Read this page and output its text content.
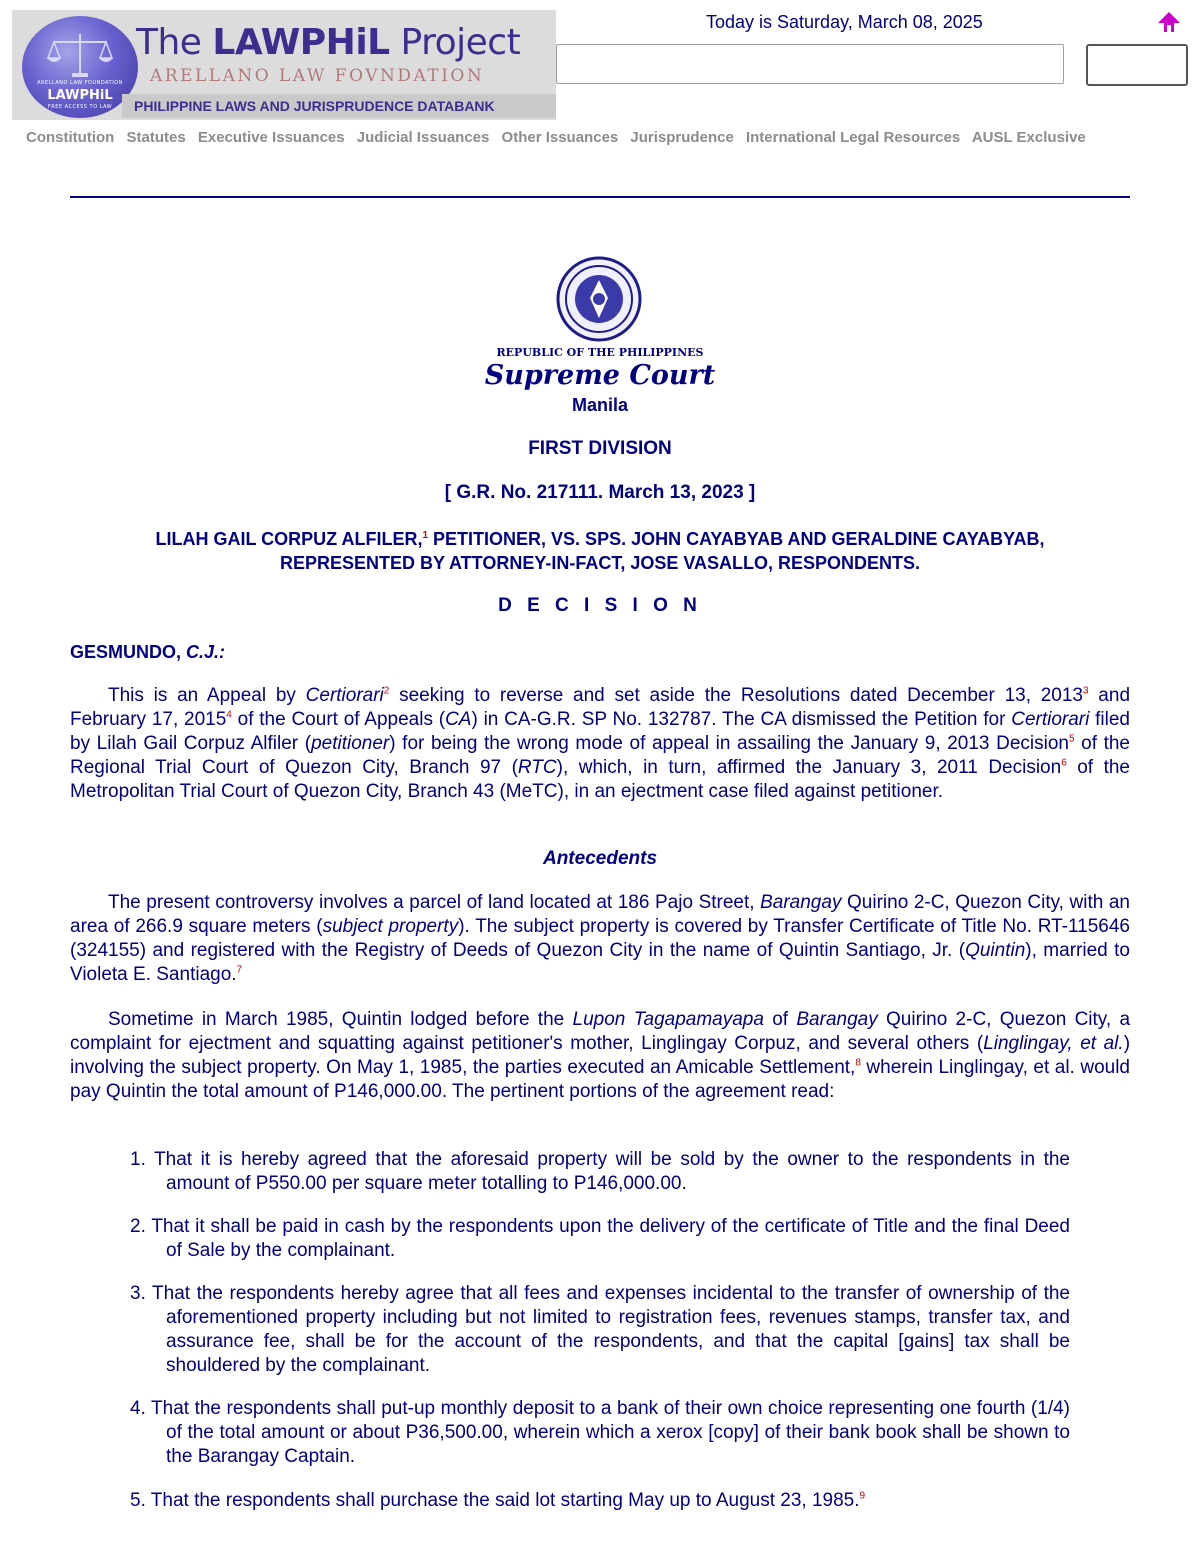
ARELLANO LAW FOUNDATION
LAWPHiL
FREE ACCESS TO LAW
The LAWPHiL Project
ARELLANO LAW FOVNDATION
PHILIPPINE LAWS AND JURISPRUDENCE DATABANK
Today is Saturday, March 08, 2025
Constitution Statutes Executive Issuances Judicial Issuances Other Issuances Jurisprudence International Legal Resources AUSL Exclusive
REPUBLIC OF THE PHILIPPINES
Supreme Court
Manila
FIRST DIVISION
[ G.R. No. 217111. March 13, 2023 ]
LILAH GAIL CORPUZ ALFILER,$^1$ PETITIONER, VS. SPS. JOHN CAYABYAB AND GERALDINE CAYABYAB,
REPRESENTED BY ATTORNEY-IN-FACT, JOSE VASALLO, RESPONDENTS.
D E C I S I O N
GESMUNDO, C.J.:

This is an Appeal by Certiorari$^2$ seeking to reverse and set aside the Resolutions dated December 13, 2013$^3$ and February 17, 2015$^4$ of the Court of Appeals (CA) in CA-G.R. SP No. 132787. The CA dismissed the Petition for Certiorari filed by Lilah Gail Corpuz Alfiler (petitioner) for being the wrong mode of appeal in assailing the January 9, 2013 Decision$^5$ of the Regional Trial Court of Quezon City, Branch 97 (RTC), which, in turn, affirmed the January 3, 2011 Decision$^6$ of the Metropolitan Trial Court of Quezon City, Branch 43 (MeTC), in an ejectment case filed against petitioner.

Antecedents

The present controversy involves a parcel of land located at 186 Pajo Street, Barangay Quirino 2-C, Quezon City, with an area of 266.9 square meters (subject property). The subject property is covered by Transfer Certificate of Title No. RT-115646 (324155) and registered with the Registry of Deeds of Quezon City in the name of Quintin Santiago, Jr. (Quintin), married to Violeta E. Santiago.$^7$

Sometime in March 1985, Quintin lodged before the Lupon Tagapamayapa of Barangay Quirino 2-C, Quezon City, a complaint for ejectment and squatting against petitioner's mother, Linglingay Corpuz, and several others (Linglingay, et al.) involving the subject property. On May 1, 1985, the parties executed an Amicable Settlement,$^8$ wherein Linglingay, et al. would pay Quintin the total amount of P146,000.00. The pertinent portions of the agreement read:

1. That it is hereby agreed that the aforesaid property will be sold by the owner to the respondents in the amount of P550.00 per square meter totalling to P146,000.00.

2. That it shall be paid in cash by the respondents upon the delivery of the certificate of Title and the final Deed of Sale by the complainant.

3. That the respondents hereby agree that all fees and expenses incidental to the transfer of ownership of the aforementioned property including but not limited to registration fees, revenues stamps, transfer tax, and assurance fee, shall be for the account of the respondents, and that the capital [gains] tax shall be shouldered by the complainant.

4. That the respondents shall put-up monthly deposit to a bank of their own choice representing one fourth (1/4) of the total amount or about P36,500.00, wherein which a xerox [copy] of their bank book shall be shown to the Barangay Captain.

5. That the respondents shall purchase the said lot starting May up to August 23, 1985.$^9$
